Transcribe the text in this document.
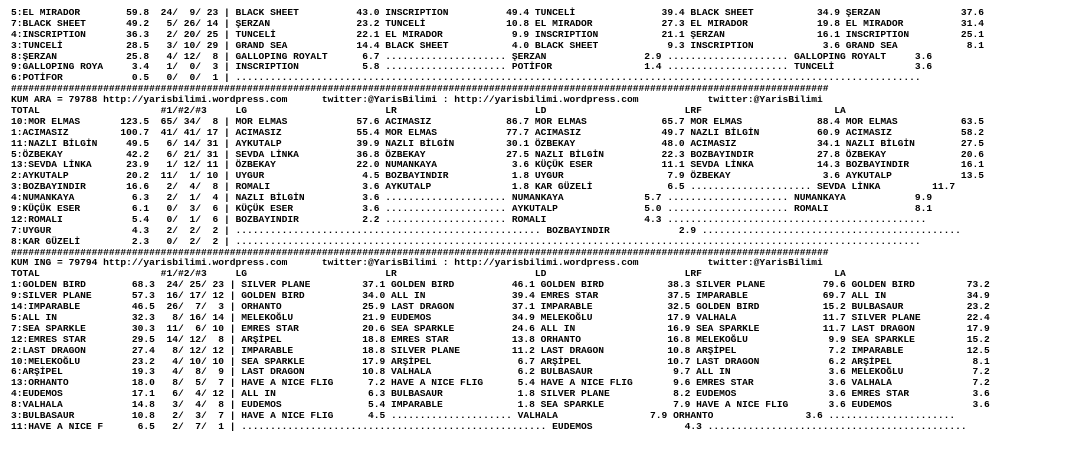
5:EL MIRADOR        59.8  24/  9/ 23 | BLACK SHEET          43.0 INSCRIPTION          49.4 TUNCELİ               39.4 BLACK SHEET           34.9 ŞERZAN              37.6
7:BLACK SHEET       49.2   5/ 26/ 14 | ŞERZAN               23.2 TUNCELİ              10.8 EL MIRADOR            27.3 EL MIRADOR            19.8 EL MIRADOR          31.4
4:INSCRIPTION       36.3   2/ 20/ 25 | TUNCELİ              22.1 EL MIRADOR            9.9 INSCRIPTION           21.1 ŞERZAN                16.1 INSCRIPTION         25.1
3:TUNCELİ           28.5   3/ 10/ 29 | GRAND SEA            14.4 BLACK SHEET           4.0 BLACK SHEET            9.3 INSCRIPTION            3.6 GRAND SEA            8.1
8:ŞERZAN            25.8   4/ 12/  8 | GALLOPING ROYALT      6.7 ..................... ŞERZAN                 2.9 ..................... GALLOPING ROYALT     3.6
9:GALLOPING ROYA     3.4   1/  0/  3 | INSCRIPTION           5.8 ..................... POTİFOR                1.4 ..................... TUNCELİ              3.6
6:POTİFOR            0.5   0/  0/  1 | .......................................................................................................................
##############################################################################################################################################
KUM ARA = 79788 http://yarisbilimi.wordpress.com      twitter:@YarisBilimi : http://yarisbilimi.wordpress.com            twitter:@YarisBilimi
TOTAL                     #1/#2/#3     LG                        LR                        LD                        LRF                       LA
10:MOR ELMAS       123.5  65/ 34/  8 | MOR ELMAS            57.6 ACIMASIZ             86.7 MOR ELMAS             65.7 MOR ELMAS             88.4 MOR ELMAS           63.5
1:ACIMASIZ         100.7  41/ 41/ 17 | ACIMASIZ             55.4 MOR ELMAS            77.7 ACIMASIZ              49.7 NAZLI BİLGİN          60.9 ACIMASIZ            58.2
11:NAZLI BİLGİN     49.5   6/ 14/ 31 | AYKUTALP             39.9 NAZLI BİLGİN         30.1 ÖZBEKAY               48.0 ACIMASIZ              34.1 NAZLI BİLGİN        27.5
5:ÖZBEKAY           42.2   6/ 21/ 31 | SEVDA LİNKA          36.8 ÖZBEKAY              27.5 NAZLI BİLGİN          22.3 BOZBAYINDIR           27.8 ÖZBEKAY             20.6
13:SEVDA LİNKA      23.9   1/ 12/ 11 | ÖZBEKAY              22.0 NUMANKAYA             3.6 KÜÇÜK ESER            11.1 SEVDA LİNKA           14.3 BOZBAYINDIR         16.1
2:AYKUTALP          20.2  11/  1/ 10 | UYGUR                 4.5 BOZBAYINDIR           1.8 UYGUR                  7.9 ÖZBEKAY                3.6 AYKUTALP            13.5
3:BOZBAYINDIR       16.6   2/  4/  8 | ROMALI                3.6 AYKUTALP              1.8 KAR GÜZELİ             6.5 ..................... SEVDA LİNKA         11.7
4:NUMANKAYA          6.3   2/  1/  4 | NAZLI BİLGİN          3.6 ..................... NUMANKAYA              5.7 ..................... NUMANKAYA            9.9
9:KÜÇÜK ESER         6.1   0/  3/  6 | KÜÇÜK ESER            3.6 ..................... AYKUTALP               5.0 ..................... ROMALI               8.1
12:ROMALI            5.4   0/  1/  6 | BOZBAYINDIR           2.2 ..................... ROMALI                 4.3 .............................................
7:UYGUR              4.3   2/  2/  2 | ..................................................... BOZBAYINDIR            2.9 .............................................
8:KAR GÜZELİ         2.3   0/  2/  2 | .......................................................................................................................
##############################################################################################################################################
KUM ING = 79794 http://yarisbilimi.wordpress.com      twitter:@YarisBilimi : http://yarisbilimi.wordpress.com            twitter:@YarisBilimi
TOTAL                     #1/#2/#3     LG                        LR                        LD                        LRF                       LA
1:GOLDEN BIRD        68.3  24/ 25/ 23 | SILVER PLANE         37.1 GOLDEN BIRD          46.1 GOLDEN BIRD           38.3 SILVER PLANE          79.6 GOLDEN BIRD         73.2
9:SILVER PLANE       57.3  16/ 17/ 12 | GOLDEN BIRD          34.0 ALL IN               39.4 EMRES STAR            37.5 IMPARABLE             69.7 ALL IN              34.9
14:IMPARABLE         46.5  26/  7/  3 | ORHANTO              25.9 LAST DRAGON          37.1 IMPARABLE             32.5 GOLDEN BIRD           15.2 BULBASAUR           23.2
5:ALL IN             32.3   8/ 16/ 14 | MELEKOĞLU            21.9 EUDEMOS              34.9 MELEKOĞLU             17.9 VALHALA               11.7 SILVER PLANE        22.4
7:SEA SPARKLE        30.3  11/  6/ 10 | EMRES STAR           20.6 SEA SPARKLE          24.6 ALL IN                16.9 SEA SPARKLE           11.7 LAST DRAGON         17.9
12:EMRES STAR        29.5  14/ 12/  8 | ARŞİPEL              18.8 EMRES STAR           13.8 ORHANTO               16.8 MELEKOĞLU              9.9 SEA SPARKLE         15.2
2:LAST DRAGON        27.4   8/ 12/ 12 | IMPARABLE            18.8 SILVER PLANE         11.2 LAST DRAGON           10.8 ARŞİPEL                7.2 IMPARABLE           12.5
10:MELEKOĞLU         23.2   4/ 10/ 10 | SEA SPARKLE          17.9 ARŞİPEL               6.7 ARŞİPEL               10.7 LAST DRAGON            6.2 ARŞİPEL              8.1
6:ARŞİPEL            19.3   4/  8/  9 | LAST DRAGON          10.8 VALHALA               6.2 BULBASAUR              9.7 ALL IN                 3.6 MELEKOĞLU            7.2
13:ORHANTO           18.0   8/  5/  7 | HAVE A NICE FLIG      7.2 HAVE A NICE FLIG      5.4 HAVE A NICE FLIG       9.6 EMRES STAR             3.6 VALHALA              7.2
4:EUDEMOS            17.1   6/  4/ 12 | ALL IN                6.3 BULBASAUR             1.8 SILVER PLANE           8.2 EUDEMOS                3.6 EMRES STAR           3.6
8:VALHALA            14.8   3/  4/  8 | EUDEMOS               5.4 IMPARABLE             1.8 SEA SPARKLE            7.9 HAVE A NICE FLIG       3.6 EUDEMOS              3.6
3:BULBASAUR          10.8   2/  3/  7 | HAVE A NICE FLIG      4.5 ..................... VALHALA                7.9 ORHANTO                3.6 ......................
11:HAVE A NICE F      6.5   2/  7/  1 | ..................................................... EUDEMOS                4.3 .............................................
